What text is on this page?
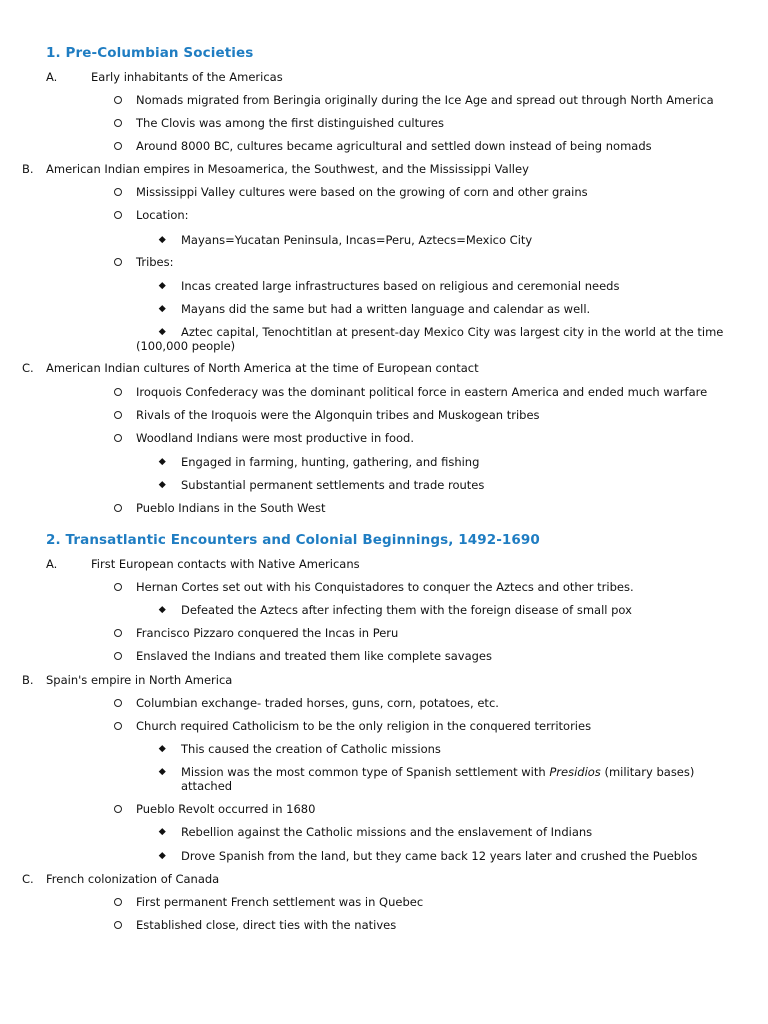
1. Pre-Columbian Societies
A.	Early inhabitants of the Americas
Nomads migrated from Beringia originally during the Ice Age and spread out through North America
The Clovis was among the first distinguished cultures
Around 8000 BC, cultures became agricultural and settled down instead of being nomads
B. American Indian empires in Mesoamerica, the Southwest, and the Mississippi Valley
Mississippi Valley cultures were based on the growing of corn and other grains
Location:
Mayans=Yucatan Peninsula, Incas=Peru, Aztecs=Mexico City
Tribes:
Incas created large infrastructures based on religious and ceremonial needs
Mayans did the same but had a written language and calendar as well.
Aztec capital, Tenochtitlan at present-day Mexico City was largest city in the world at the time
(100,000 people)
C. American Indian cultures of North America at the time of European contact
Iroquois Confederacy was the dominant political force in eastern America and ended much warfare
Rivals of the Iroquois were the Algonquin tribes and Muskogean tribes
Woodland Indians were most productive in food.
Engaged in farming, hunting, gathering, and fishing
Substantial permanent settlements and trade routes
Pueblo Indians in the South West
2. Transatlantic Encounters and Colonial Beginnings, 1492-1690
A.	First European contacts with Native Americans
Hernan Cortes set out with his Conquistadores to conquer the Aztecs and other tribes.
Defeated the Aztecs after infecting them with the foreign disease of small pox
Francisco Pizzaro conquered the Incas in Peru
Enslaved the Indians and treated them like complete savages
B. Spain's empire in North America
Columbian exchange- traded horses, guns, corn, potatoes, etc.
Church required Catholicism to be the only religion in the conquered territories
This caused the creation of Catholic missions
Mission was the most common type of Spanish settlement with Presidios (military bases)
attached
Pueblo Revolt occurred in 1680
Rebellion against the Catholic missions and the enslavement of Indians
Drove Spanish from the land, but they came back 12 years later and crushed the Pueblos
C. French colonization of Canada
First permanent French settlement was in Quebec
Established close, direct ties with the natives
